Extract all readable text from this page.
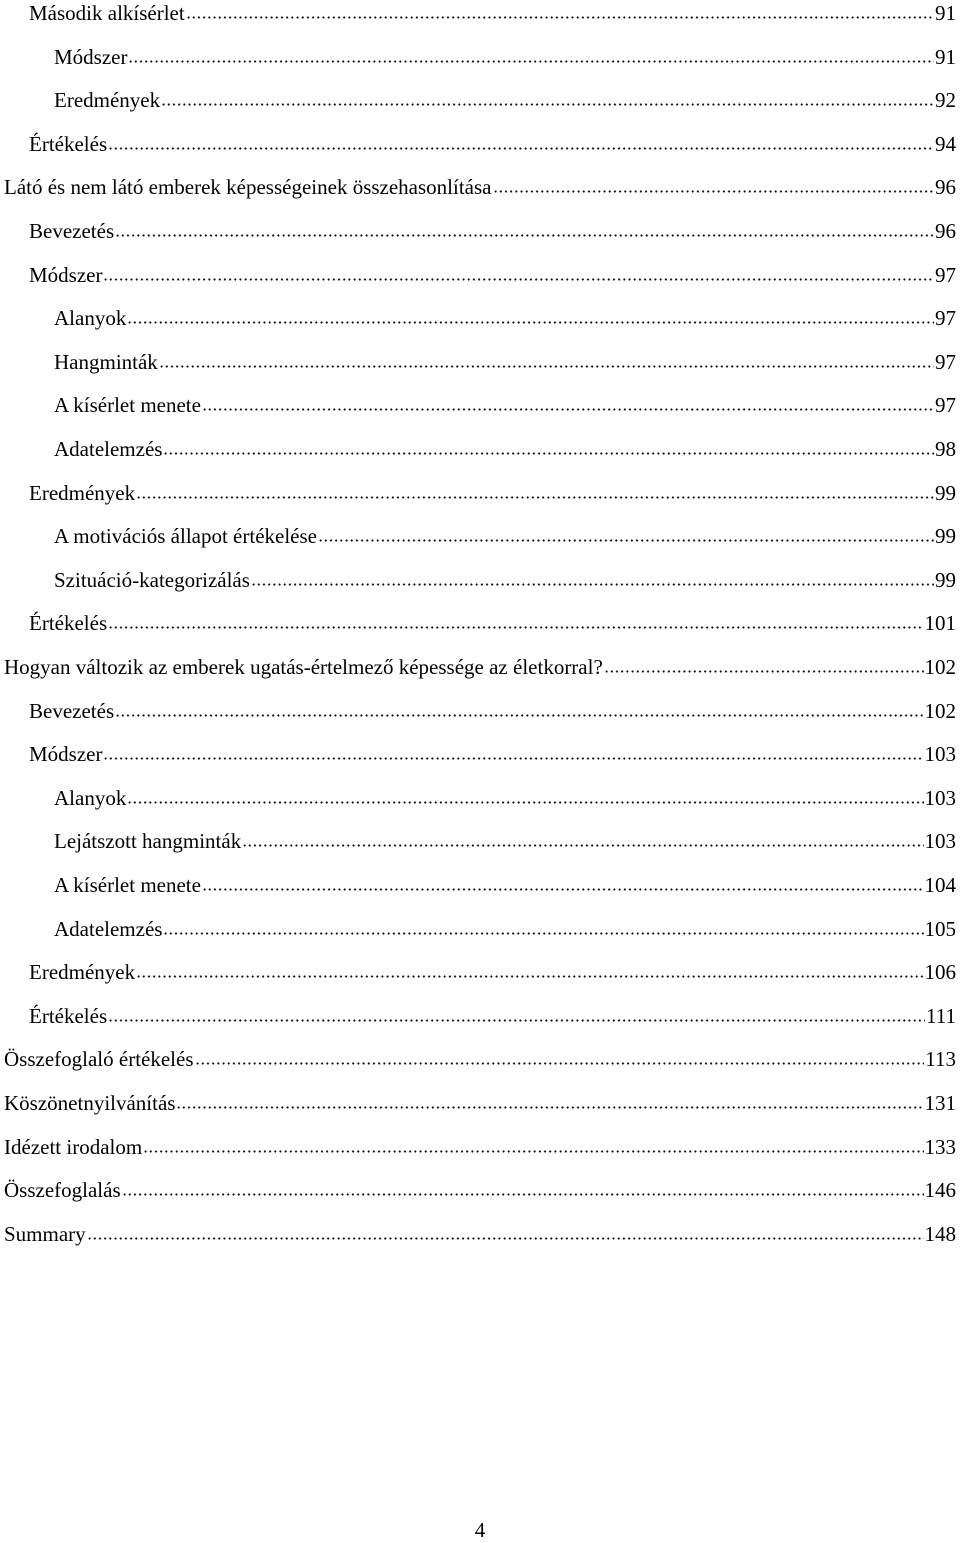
Második alkísérlet	91
Módszer	91
Eredmények	92
Értékelés	94
Látó és nem látó emberek képességeinek összehasonlítása	96
Bevezetés	96
Módszer	97
Alanyok	97
Hangminták	97
A kísérlet menete	97
Adatelemzés	98
Eredmények	99
A motivációs állapot értékelése	99
Szituáció-kategorizálás	99
Értékelés	101
Hogyan változik az emberek ugatás-értelmező képessége az életkorral?	102
Bevezetés	102
Módszer	103
Alanyok	103
Lejátszott hangminták	103
A kísérlet menete	104
Adatelemzés	105
Eredmények	106
Értékelés	111
Összefoglaló értékelés	113
Köszönetnyilvánítás	131
Idézett irodalom	133
Összefoglalás	146
Summary	148
4
